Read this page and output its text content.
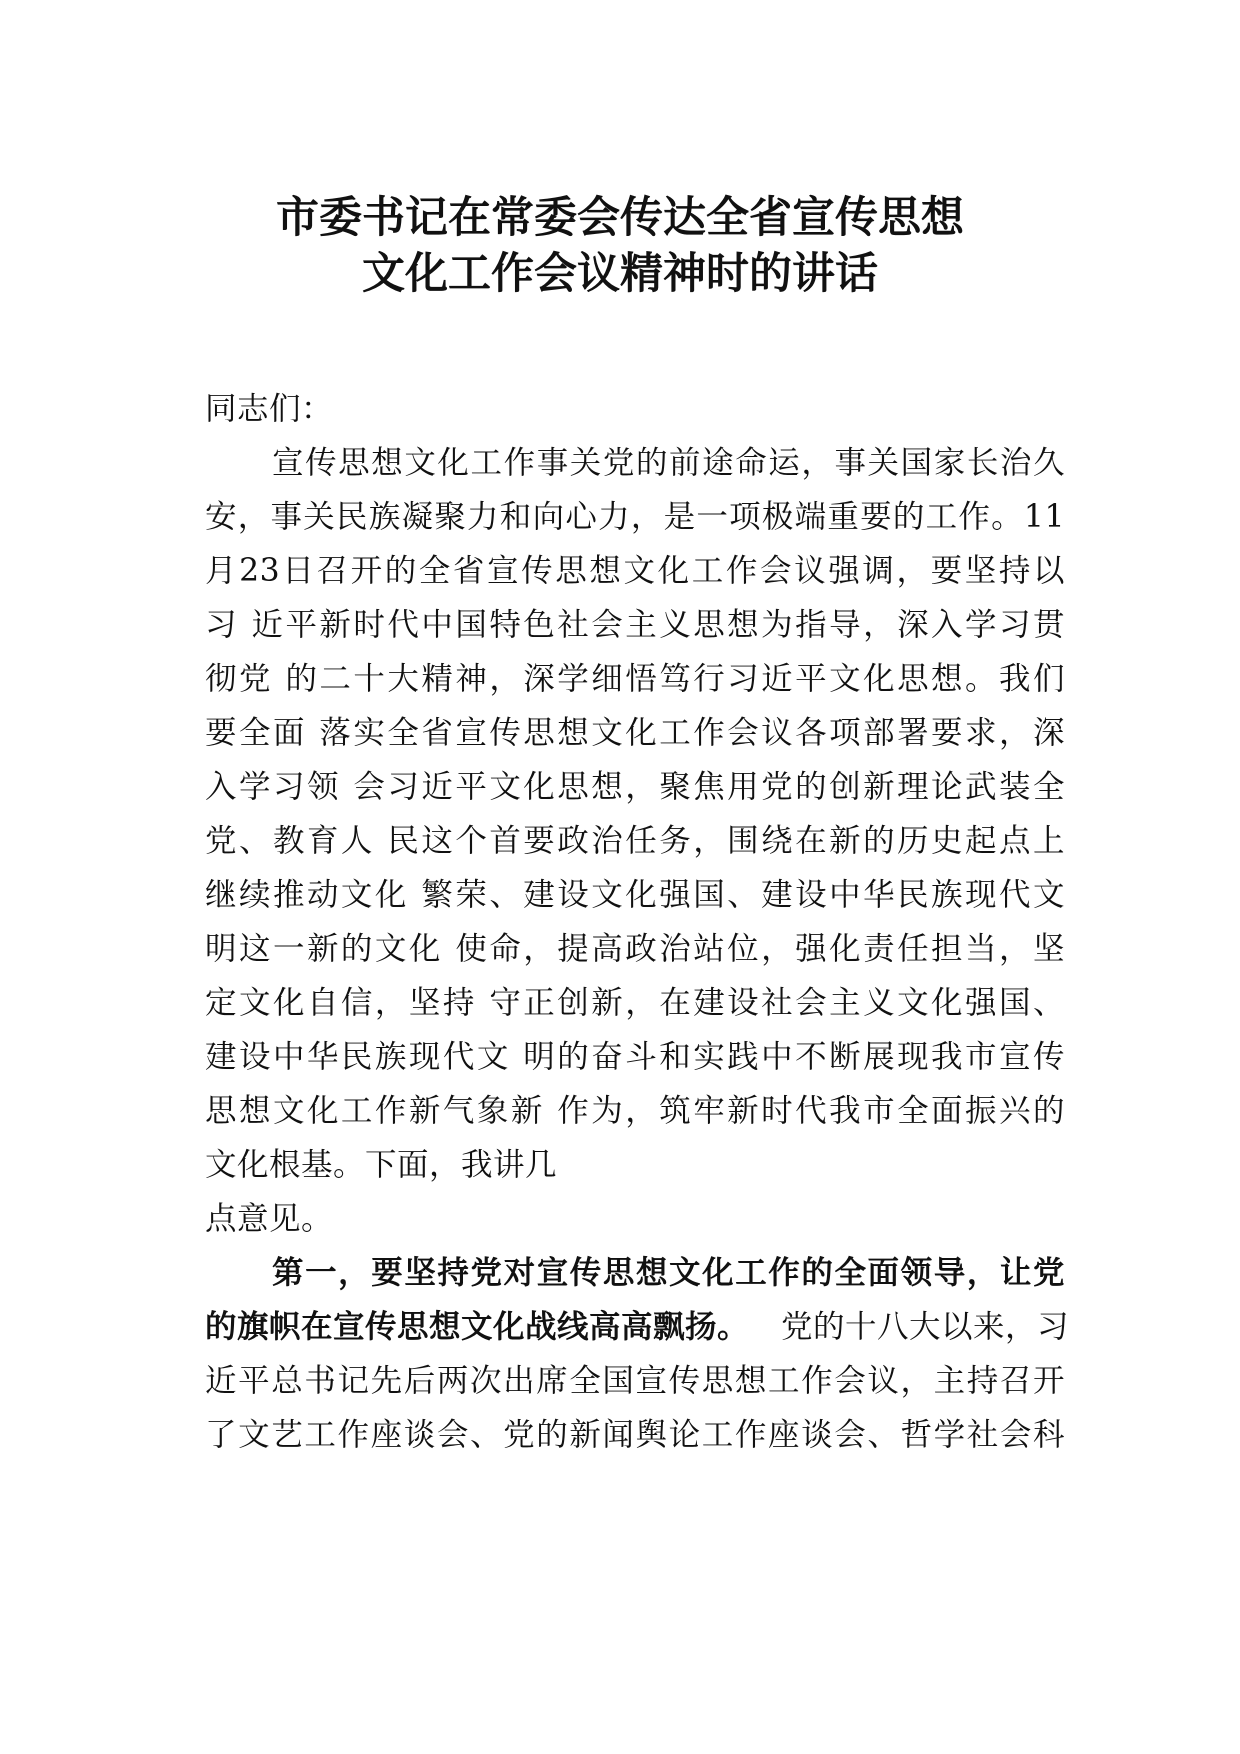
市委书记在常委会传达全省宣传思想
文化工作会议精神时的讲话
同志们：
宣传思想文化工作事关党的前途命运，事关国家长治久
安，事关民族凝聚力和向心力，是一项极端重要的工作。11
月23日召开的全省宣传思想文化工作会议强调，要坚持以
习 近平新时代中国特色社会主义思想为指导，深入学习贯
彻党 的二十大精神，深学细悟笃行习近平文化思想。我们
要全面 落实全省宣传思想文化工作会议各项部署要求，深
入学习领 会习近平文化思想，聚焦用党的创新理论武装全
党、教育人 民这个首要政治任务，围绕在新的历史起点上
继续推动文化 繁荣、建设文化强国、建设中华民族现代文
明这一新的文化 使命，提高政治站位，强化责任担当，坚
定文化自信，坚持 守正创新，在建设社会主义文化强国、
建设中华民族现代文 明的奋斗和实践中不断展现我市宣传
思想文化工作新气象新 作为，筑牢新时代我市全面振兴的
文化根基。下面，我讲几
点意见。
第一，要坚持党对宣传思想文化工作的全面领导，让党
的旗帜在宣传思想文化战线高高飘扬。  党的十八大以来，习
近平总书记先后两次出席全国宣传思想工作会议，主持召开
了文艺工作座谈会、党的新闻舆论工作座谈会、哲学社会科
